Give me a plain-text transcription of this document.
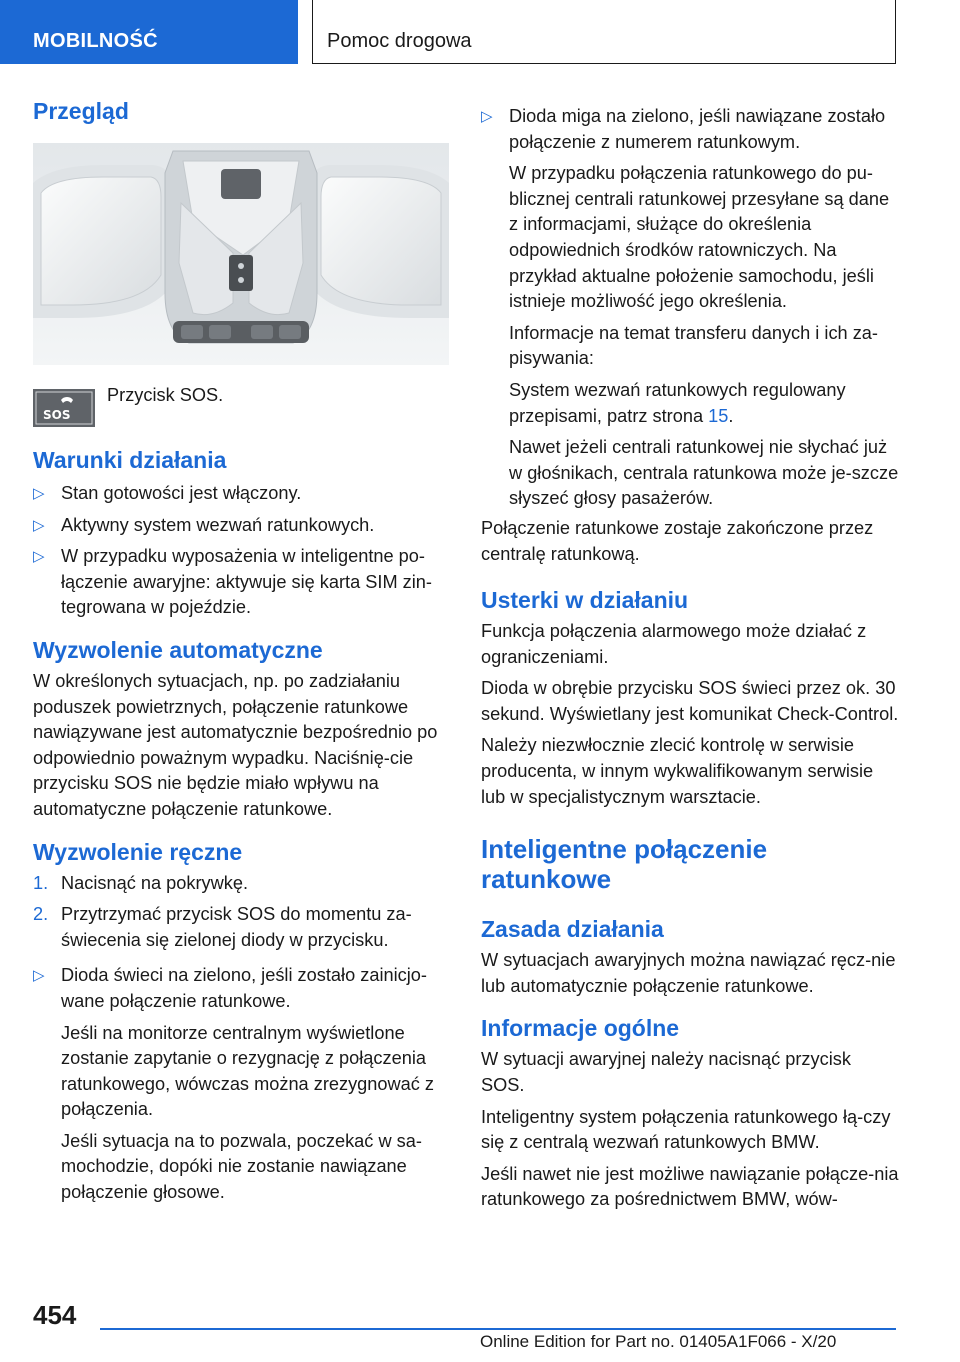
MOBILNOŚĆ	Pomoc drogowa
Przegląd
SOS
Przycisk SOS.
Warunki działania
▷ Stan gotowości jest włączony.
▷ Aktywny system wezwań ratunkowych.
▷ W przypadku wyposażenia w inteligentne po-łączenie awaryjne: aktywuje się karta SIM zin-tegrowana w pojeździe.
Wyzwolenie automatyczne
W określonych sytuacjach, np. po zadziałaniu poduszek powietrznych, połączenie ratunkowe nawiązywane jest automatycznie bezpośrednio po odpowiednio poważnym wypadku. Naciśnię-cie przycisku SOS nie będzie miało wpływu na automatyczne połączenie ratunkowe.
Wyzwolenie ręczne
1. Nacisnąć na pokrywkę.
2. Przytrzymać przycisk SOS do momentu za-świecenia się zielonej diody w przycisku.
▷ Dioda świeci na zielono, jeśli zostało zainicjo-wane połączenie ratunkowe.
Jeśli na monitorze centralnym wyświetlone zostanie zapytanie o rezygnację z połączenia ratunkowego, wówczas można zrezygnować z połączenia.
Jeśli sytuacja na to pozwala, poczekać w sa-mochodzie, dopóki nie zostanie nawiązane połączenie głosowe.
▷ Dioda miga na zielono, jeśli nawiązane zostało połączenie z numerem ratunkowym.
W przypadku połączenia ratunkowego do pu-blicznej centrali ratunkowej przesyłane są dane z informacjami, służące do określenia odpowiednich środków ratowniczych. Na przykład aktualne położenie samochodu, jeśli istnieje możliwość jego określenia.
Informacje na temat transferu danych i ich za-pisywania:
System wezwań ratunkowych regulowany przepisami, patrz strona 15.
Nawet jeżeli centrali ratunkowej nie słychać już w głośnikach, centrala ratunkowa może je-szcze słyszeć głosy pasażerów.
Połączenie ratunkowe zostaje zakończone przez centralę ratunkową.
Usterki w działaniu
Funkcja połączenia alarmowego może działać z ograniczeniami.
Dioda w obrębie przycisku SOS świeci przez ok. 30 sekund. Wyświetlany jest komunikat Check-Control.
Należy niezwłocznie zlecić kontrolę w serwisie producenta, w innym wykwalifikowanym serwisie lub w specjalistycznym warsztacie.
Inteligentne połączenie
ratunkowe
Zasada działania
W sytuacjach awaryjnych można nawiązać ręcz-nie lub automatycznie połączenie ratunkowe.
Informacje ogólne
W sytuacji awaryjnej należy nacisnąć przycisk SOS.
Inteligentny system połączenia ratunkowego łą-czy się z centralą wezwań ratunkowych BMW.
Jeśli nawet nie jest możliwe nawiązanie połącze-nia ratunkowego za pośrednictwem BMW, wów-
454
Online Edition for Part no. 01405A1F066 - X/20
